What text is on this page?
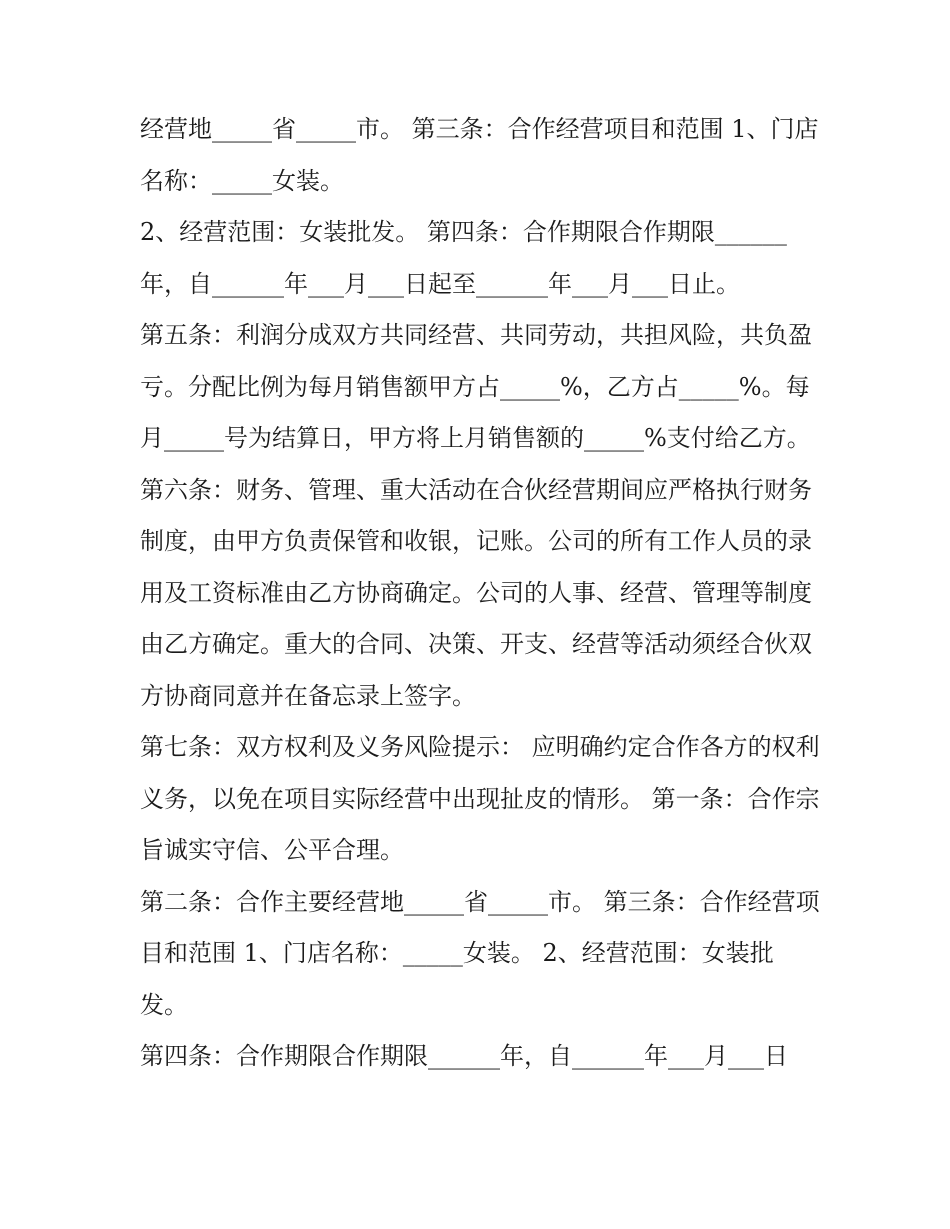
经营地_____省_____市。 第三条：合作经营项目和范围 1、门店名称：_____女装。

2、经营范围：女装批发。 第四条：合作期限合作期限______年，自______年___月___日起至______年___月___日止。

第五条：利润分成双方共同经营、共同劳动，共担风险，共负盈亏。分配比例为每月销售额甲方占_____%，乙方占_____%。每月_____号为结算日，甲方将上月销售额的_____%支付给乙方。

第六条：财务、管理、重大活动在合伙经营期间应严格执行财务制度，由甲方负责保管和收银，记账。公司的所有工作人员的录用及工资标准由乙方协商确定。公司的人事、经营、管理等制度由乙方确定。重大的合同、决策、开支、经营等活动须经合伙双方协商同意并在备忘录上签字。

第七条：双方权利及义务风险提示： 应明确约定合作各方的权利义务，以免在项目实际经营中出现扯皮的情形。 第一条：合作宗旨诚实守信、公平合理。

第二条：合作主要经营地_____省_____市。 第三条：合作经营项目和范围 1、门店名称：_____女装。 2、经营范围：女装批发。

第四条：合作期限合作期限______年，自______年___月___日
